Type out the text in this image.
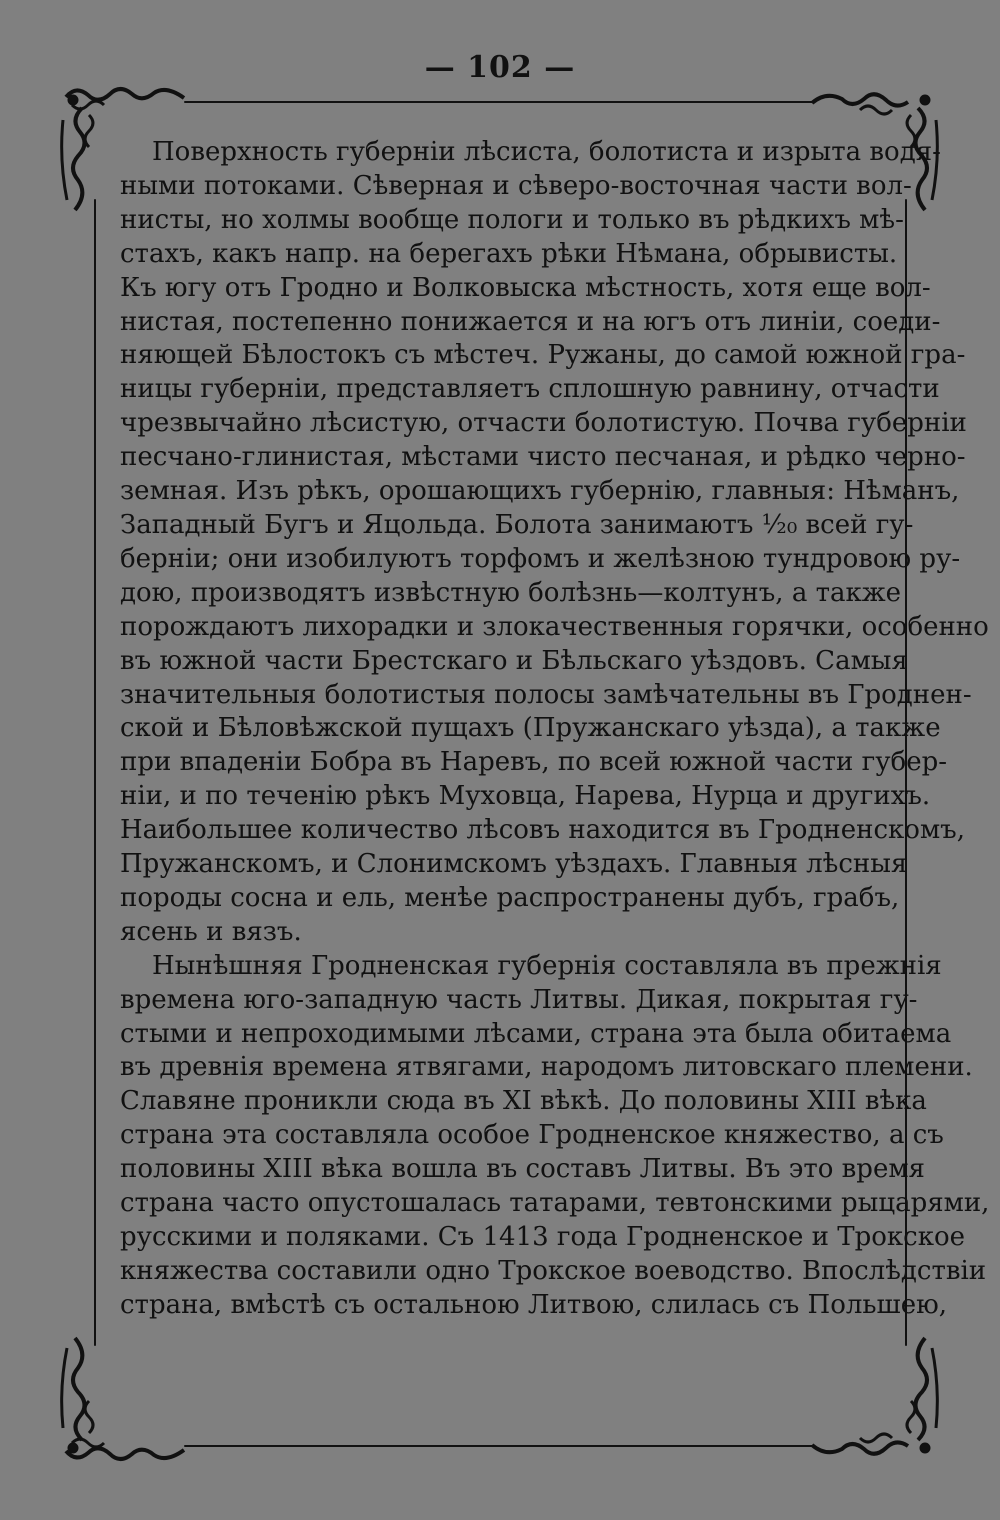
— 102 —
Поверхность губерніи лѣсиста, болотиста и изрыта водя-
ными потоками. Сѣверная и сѣверо-восточная части вол-
нисты, но холмы вообще пологи и только въ рѣдкихъ мѣ-
стахъ, какъ напр. на берегахъ рѣки Нѣмана, обрывисты.
Къ югу отъ Гродно и Волковыска мѣстность, хотя еще вол-
нистая, постепенно понижается и на югъ отъ линіи, соеди-
няющей Бѣлостокъ съ мѣстеч. Ружаны, до самой южной гра-
ницы губерніи, представляетъ сплошную равнину, отчасти
чрезвычайно лѣсистую, отчасти болотистую. Почва губерніи
песчано-глинистая, мѣстами чисто песчаная, и рѣдко черно-
земная. Изъ рѣкъ, орошающихъ губернію, главныя: Нѣманъ,
Западный Бугъ и Яцольда. Болота занимаютъ ¹⁄₂₀ всей гу-
берніи; они изобилуютъ торфомъ и желѣзною тундровою ру-
дою, производятъ извѣстную болѣзнь—колтунъ, а также
порождаютъ лихорадки и злокачественныя горячки, особенно
въ южной части Брестскаго и Бѣльскаго уѣздовъ. Самыя
значительныя болотистыя полосы замѣчательны въ Гроднен-
ской и Бѣловѣжской пущахъ (Пружанскаго уѣзда), а также
при впаденіи Бобра въ Наревъ, по всей южной части губер-
ніи, и по теченію рѣкъ Муховца, Нарева, Нурца и другихъ.
Наибольшее количество лѣсовъ находится въ Гродненскомъ,
Пружанскомъ, и Слонимскомъ уѣздахъ. Главныя лѣсныя
породы сосна и ель, менѣе распространены дубъ, грабъ,
ясень и вязъ.
Нынѣшняя Гродненская губернія составляла въ прежнія
времена юго-западную часть Литвы. Дикая, покрытая гу-
стыми и непроходимыми лѣсами, страна эта была обитаема
въ древнія времена ятвягами, народомъ литовскаго племени.
Славяне проникли сюда въ XI вѣкѣ. До половины XIII вѣка
страна эта составляла особое Гродненское княжество, а съ
половины XIII вѣка вошла въ составъ Литвы. Въ это время
страна часто опустошалась татарами, тевтонскими рыцарями,
русскими и поляками. Съ 1413 года Гродненское и Трокское
княжества составили одно Трокское воеводство. Впослѣдствіи
страна, вмѣстѣ съ остальною Литвою, слилась съ Польшею,
